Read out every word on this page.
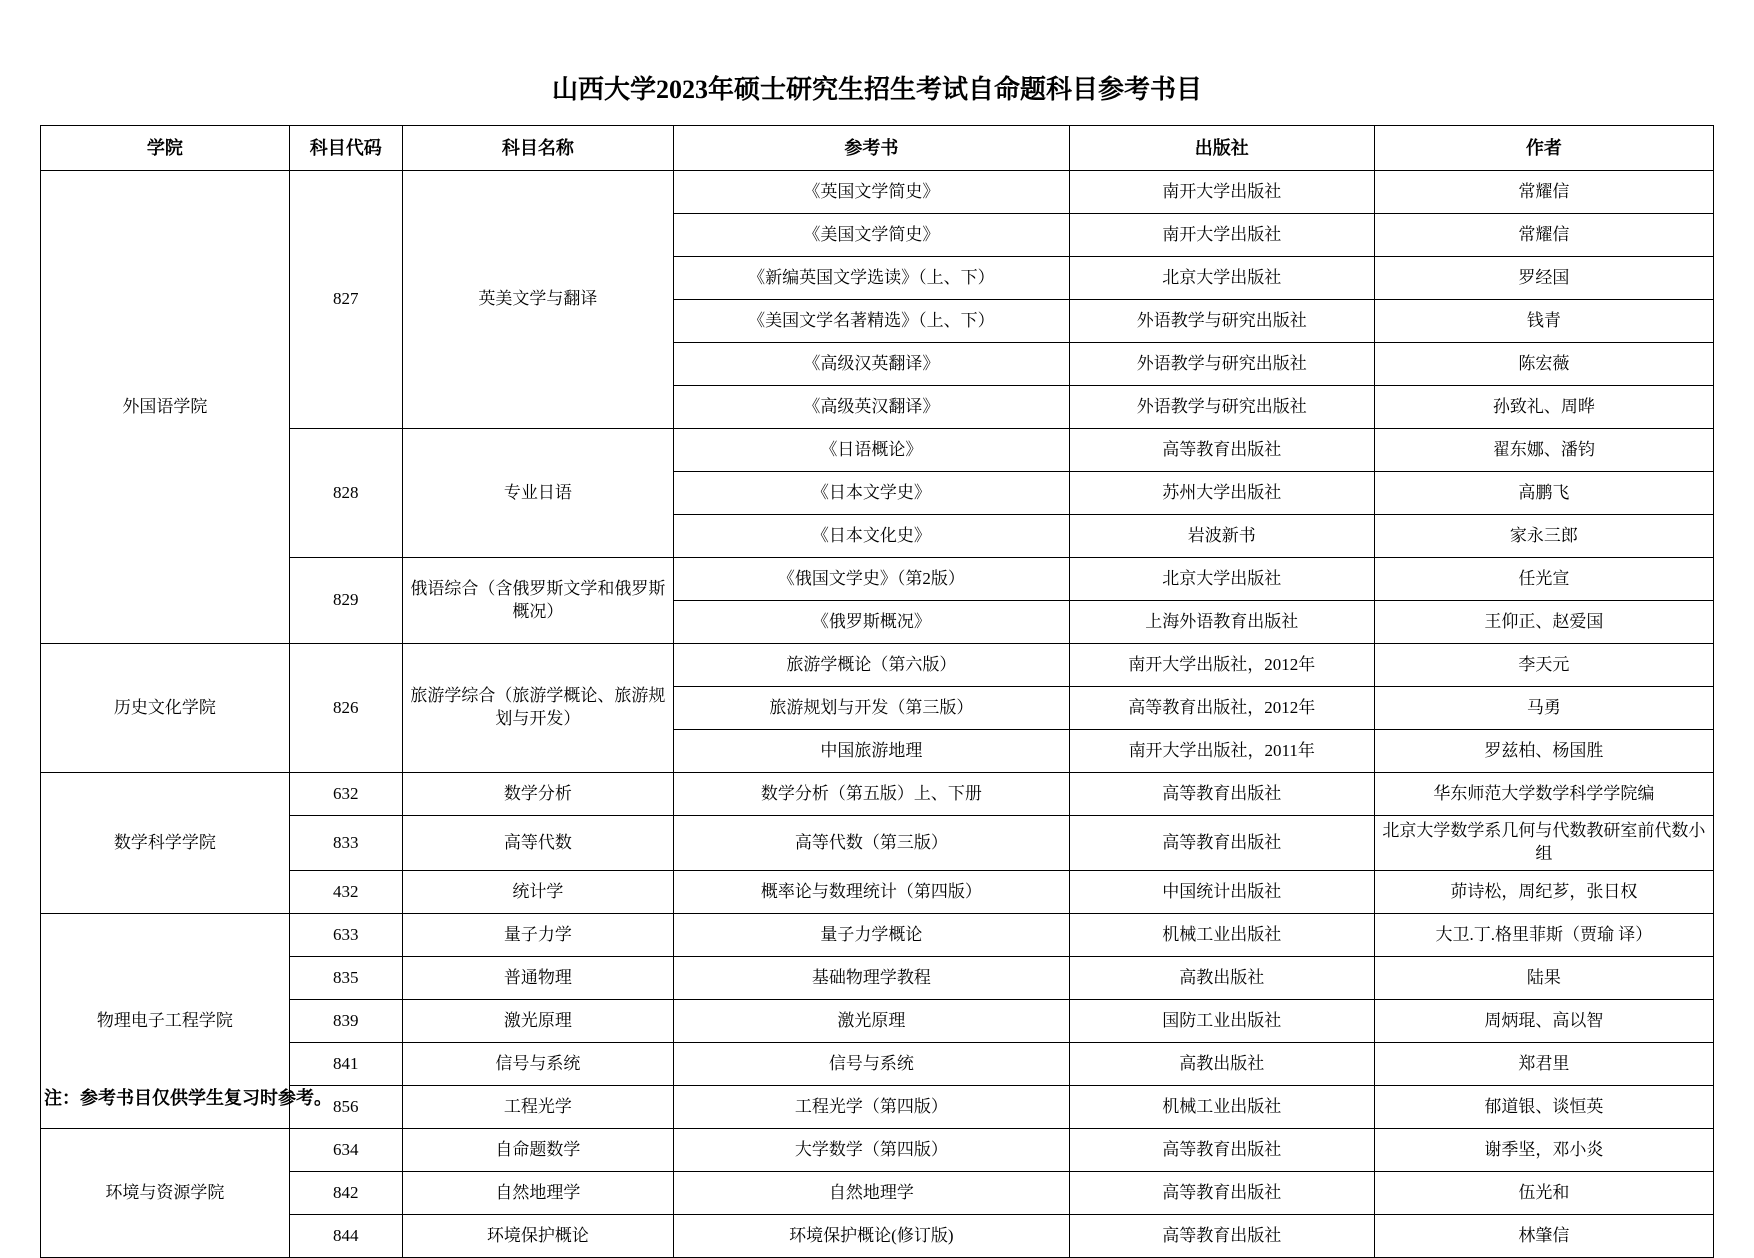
山西大学2023年硕士研究生招生考试自命题科目参考书目
学院	科目代码	科目名称	参考书	出版社	作者
外国语学院	827	英美文学与翻译	《英国文学简史》	南开大学出版社	常耀信
			《美国文学简史》	南开大学出版社	常耀信
			《新编英国文学选读》（上、下）	北京大学出版社	罗经国
			《美国文学名著精选》（上、下）	外语教学与研究出版社	钱青
			《高级汉英翻译》	外语教学与研究出版社	陈宏薇
			《高级英汉翻译》	外语教学与研究出版社	孙致礼、周晔
	828	专业日语	《日语概论》	高等教育出版社	翟东娜、潘钧
			《日本文学史》	苏州大学出版社	高鹏飞
			《日本文化史》	岩波新书	家永三郎
	829	俄语综合（含俄罗斯文学和俄罗斯概况）	《俄国文学史》（第2版）	北京大学出版社	任光宣
			《俄罗斯概况》	上海外语教育出版社	王仰正、赵爱国
历史文化学院	826	旅游学综合（旅游学概论、旅游规划与开发）	旅游学概论（第六版）	南开大学出版社，2012年	李天元
			旅游规划与开发（第三版）	高等教育出版社，2012年	马勇
			中国旅游地理	南开大学出版社，2011年	罗兹柏、杨国胜
数学科学学院	632	数学分析	数学分析（第五版）上、下册	高等教育出版社	华东师范大学数学科学学院编
	833	高等代数	高等代数（第三版）	高等教育出版社	北京大学数学系几何与代数教研室前代数小组
	432	统计学	概率论与数理统计（第四版）	中国统计出版社	茆诗松，周纪芗，张日权
物理电子工程学院	633	量子力学	量子力学概论	机械工业出版社	大卫.丁.格里菲斯（贾瑜 译）
	835	普通物理	基础物理学教程	高教出版社	陆果
	839	激光原理	激光原理	国防工业出版社	周炳琨、高以智
	841	信号与系统	信号与系统	高教出版社	郑君里
	856	工程光学	工程光学（第四版）	机械工业出版社	郁道银、谈恒英
环境与资源学院	634	自命题数学	大学数学（第四版）	高等教育出版社	谢季坚，邓小炎
	842	自然地理学	自然地理学	高等教育出版社	伍光和
	844	环境保护概论	环境保护概论(修订版)	高等教育出版社	林肇信
注：参考书目仅供学生复习时参考。
